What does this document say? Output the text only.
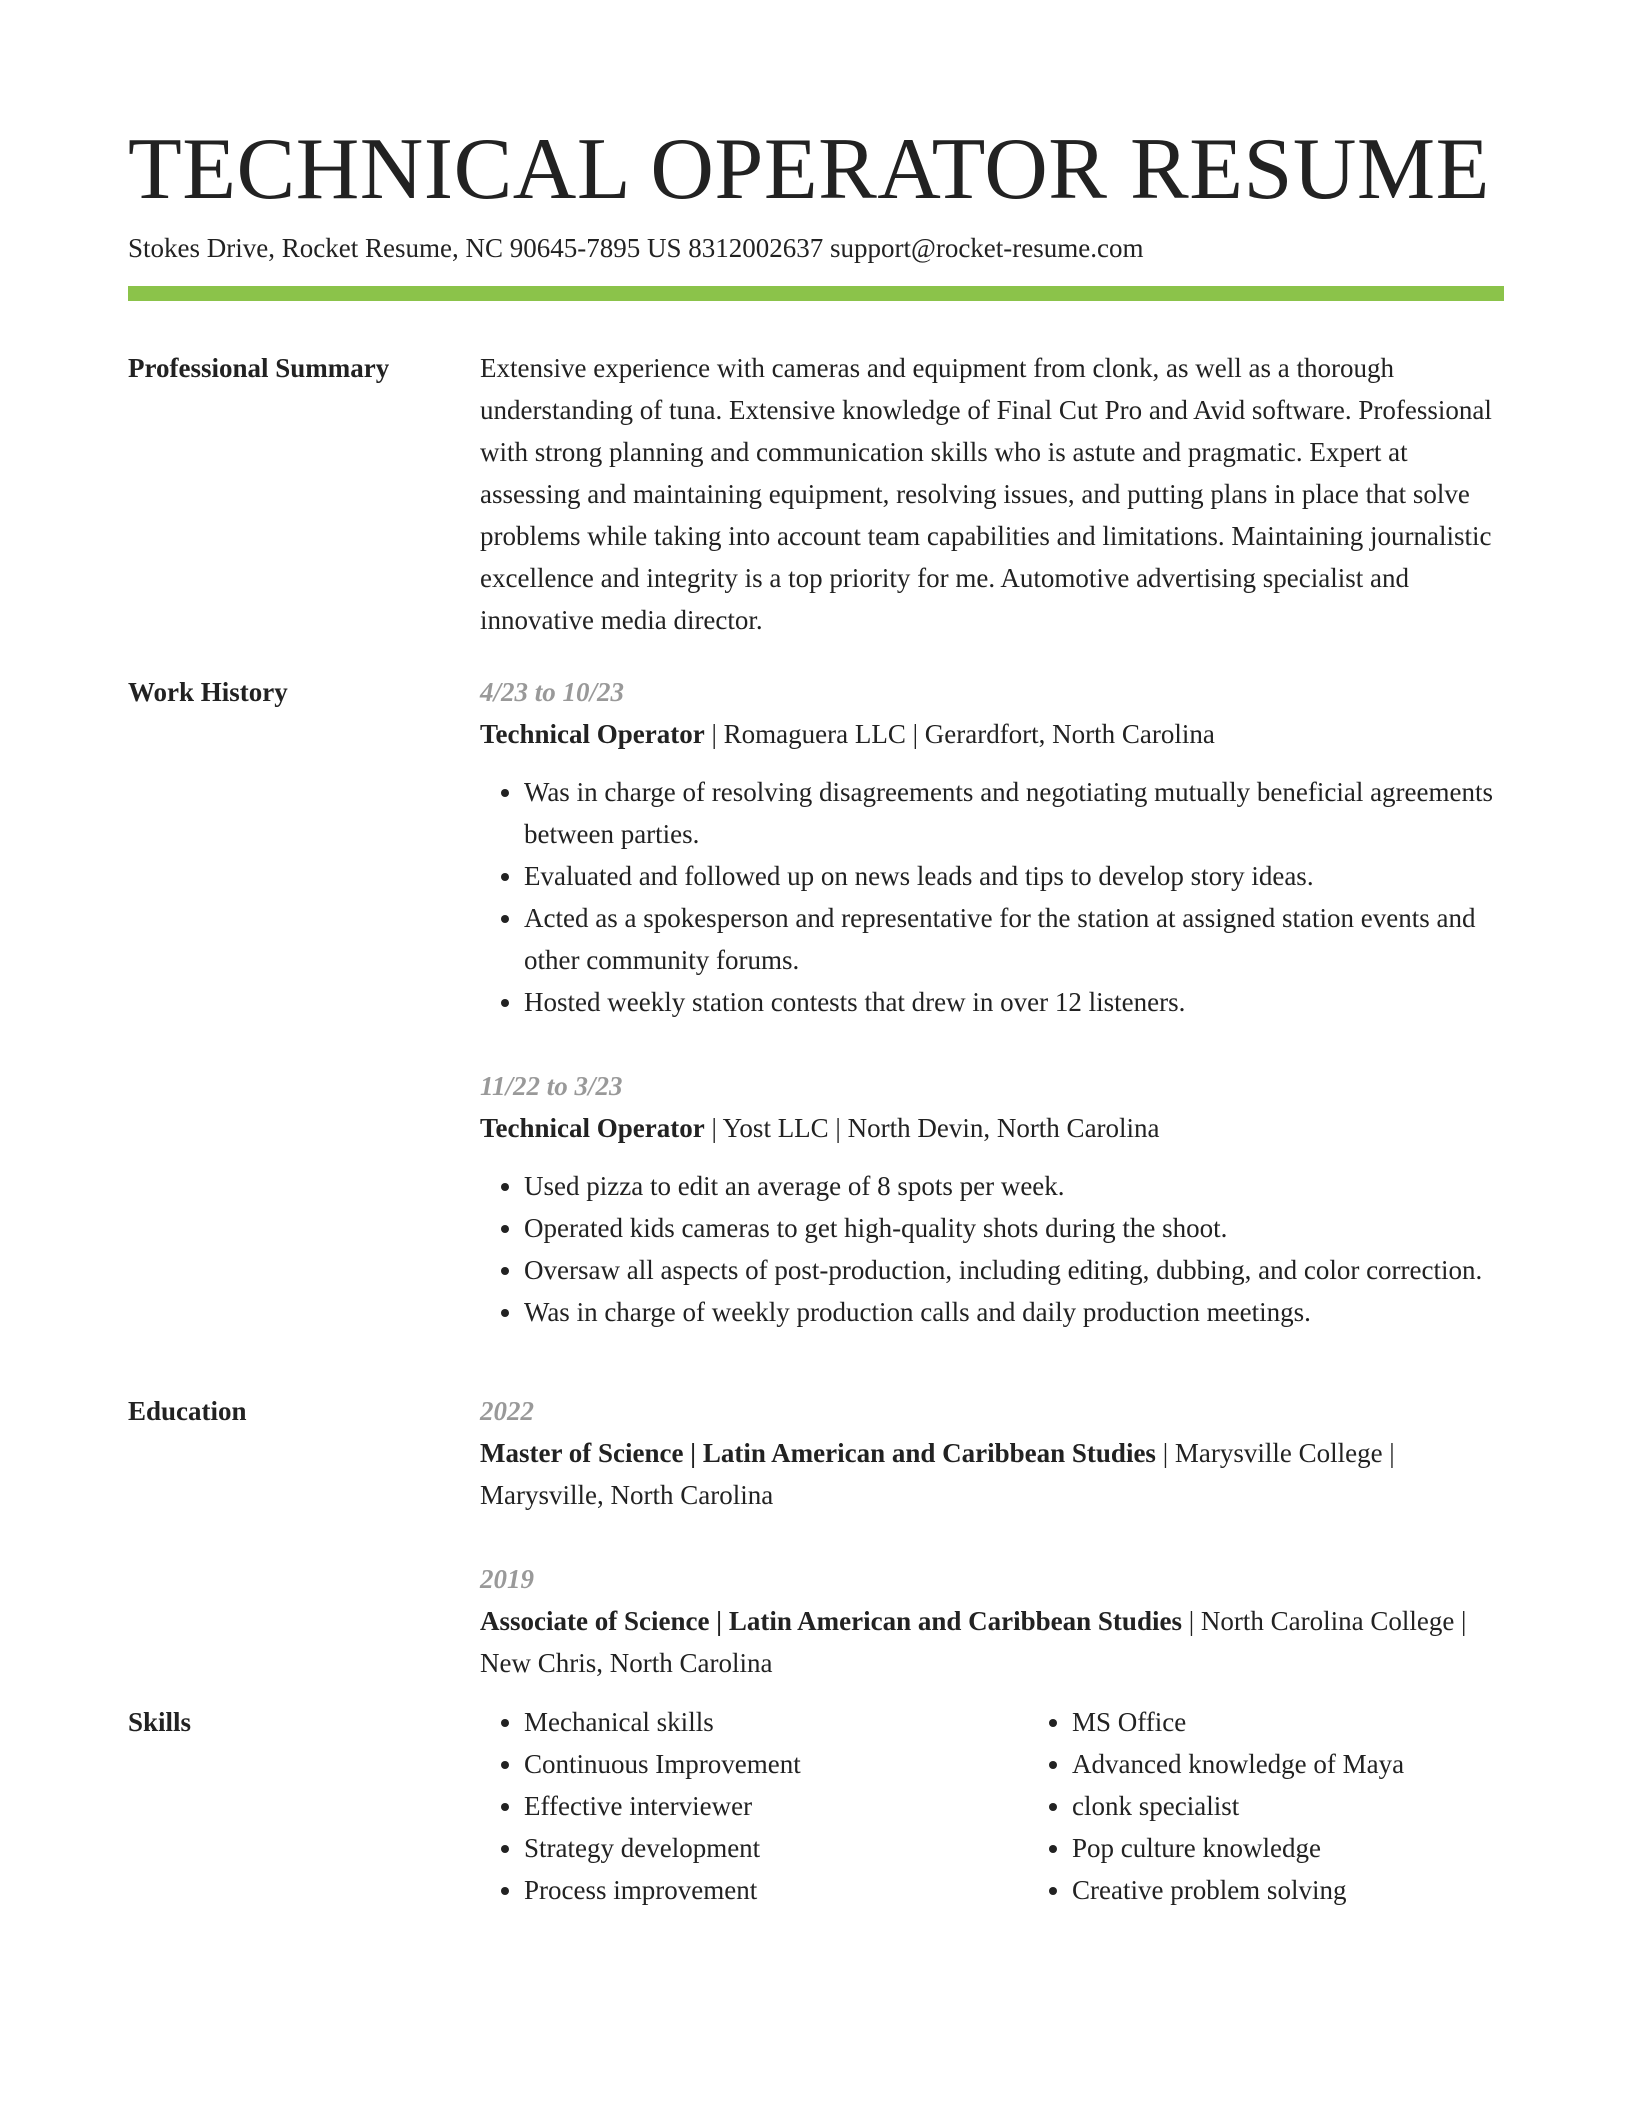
TECHNICAL OPERATOR RESUME
Stokes Drive, Rocket Resume, NC 90645-7895 US 8312002637 support@rocket-resume.com
Professional Summary	Extensive experience with cameras and equipment from clonk, as well as a thorough understanding of tuna. Extensive knowledge of Final Cut Pro and Avid software. Professional with strong planning and communication skills who is astute and pragmatic. Expert at assessing and maintaining equipment, resolving issues, and putting plans in place that solve problems while taking into account team capabilities and limitations. Maintaining journalistic excellence and integrity is a top priority for me. Automotive advertising specialist and innovative media director.
Work History	4/23 to 10/23
Technical Operator | Romaguera LLC | Gerardfort, North Carolina
• Was in charge of resolving disagreements and negotiating mutually beneficial agreements between parties.
• Evaluated and followed up on news leads and tips to develop story ideas.
• Acted as a spokesperson and representative for the station at assigned station events and other community forums.
• Hosted weekly station contests that drew in over 12 listeners.
11/22 to 3/23
Technical Operator | Yost LLC | North Devin, North Carolina
• Used pizza to edit an average of 8 spots per week.
• Operated kids cameras to get high-quality shots during the shoot.
• Oversaw all aspects of post-production, including editing, dubbing, and color correction.
• Was in charge of weekly production calls and daily production meetings.
Education	2022
Master of Science | Latin American and Caribbean Studies | Marysville College | Marysville, North Carolina
2019
Associate of Science | Latin American and Caribbean Studies | North Carolina College | New Chris, North Carolina
Skills
•	Mechanical skills
• Continuous Improvement
• Effective interviewer
• Strategy development
• Process improvement
• MS Office
• Advanced knowledge of Maya
• clonk specialist
• Pop culture knowledge
• Creative problem solving
